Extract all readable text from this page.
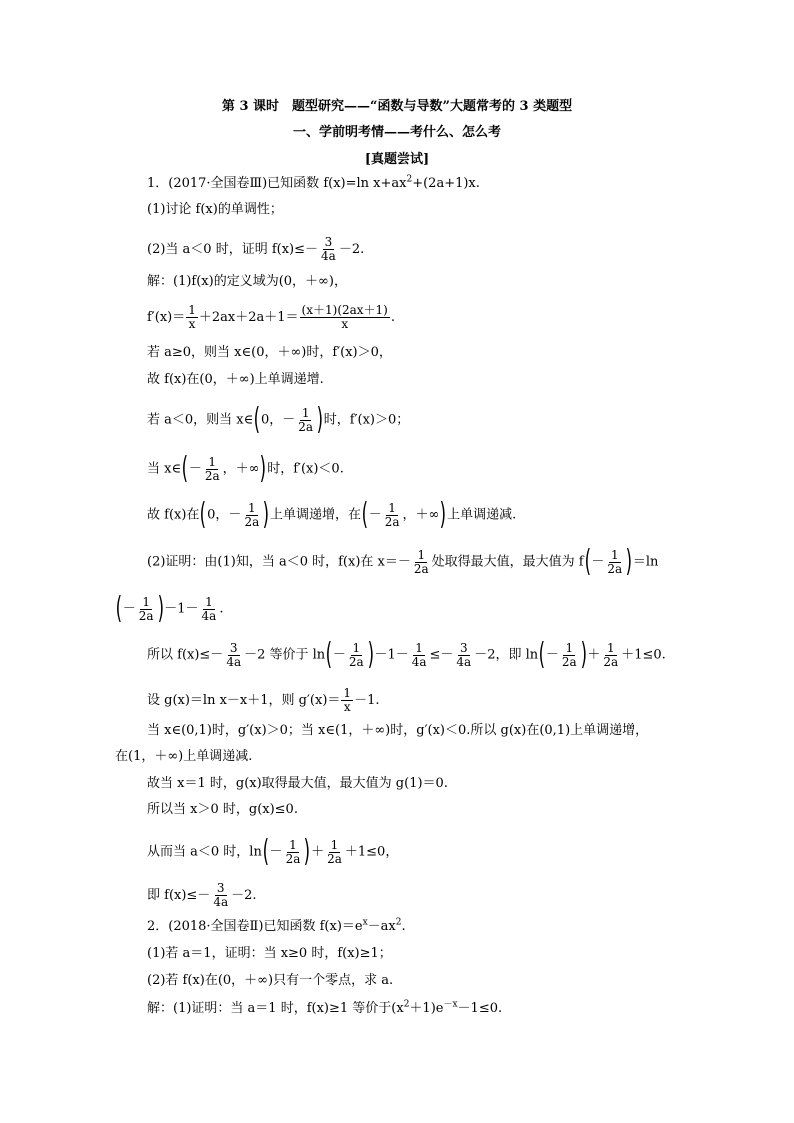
第 3 课时　题型研究——“函数与导数”大题常考的 3 类题型
一、学前明考情——考什么、怎么考
[真题尝试]
1．(2017·全国卷Ⅲ)已知函数 f(x)=ln $x+ax^2+(2a+1)x$.
(1)讨论 f(x)的单调性；
(2)当 a＜0 时，证明 $f(x)\le- \frac{3}{4a} -2$.
解：(1)f(x)的定义域为(0，＋∞)，
$f'(x)= \frac{1}{x} +2ax+2a+1= \frac{(x+1)(2ax+1)}{x}$ .
若 a≥0，则当 x∈(0，＋∞)时，f′(x)＞0，
故 f(x)在(0，＋∞)上单调递增.
若 a＜0，则当 x∈(0，－ $\frac{1}{2a}$ )时，f′(x)＞0；
当 x∈(－ $\frac{1}{2a}$ ，＋∞)时，f′(x)＜0.
故 f(x)在(0，－ $\frac{1}{2a}$ )上单调递增，在(－ $\frac{1}{2a}$ ，＋∞)上单调递减.
(2)证明：由(1)知，当 a＜0 时，f(x)在 $x=- \frac{1}{2a}$ 处取得最大值，最大值为 $f(- \frac{1}{2a} )=\ln$
(－ $\frac{1}{2a} )-1- \frac{1}{4a}$ .
所以 $f(x)\le- \frac{3}{4a} -2$ 等价于 $\ln(- \frac{1}{2a} )-1- \frac{1}{4a} \le- \frac{3}{4a} -2$，即 $\ln(- \frac{1}{2a}$ )＋ $\frac{1}{2a} +1\le 0$.
设 g(x)＝ln x－x＋1，则 $g'(x)= \frac{1}{x} -1$.
当 x∈(0,1)时，g′(x)＞0；当 x∈(1，＋∞)时，g′(x)＜0.所以 g(x)在(0,1)上单调递增，
在(1，＋∞)上单调递减.
故当 x＝1 时，g(x)取得最大值，最大值为 g(1)＝0.
所以当 x＞0 时，g(x)≤0.
从而当 a＜0 时，$\ln(- \frac{1}{2a}$ )＋ $\frac{1}{2a} +1\le 0$，
即 $f(x)\le- \frac{3}{4a} -2$.
2．(2018·全国卷Ⅱ)已知函数 $f(x)=e^x-ax^2$.
(1)若 a＝1，证明：当 x≥0 时，f(x)≥1；
(2)若 f(x)在(0，＋∞)只有一个零点，求 a.
解：(1)证明：当 a＝1 时，f(x)≥1 等价于$(x^2+1)e^{-x}-1\le 0$.
